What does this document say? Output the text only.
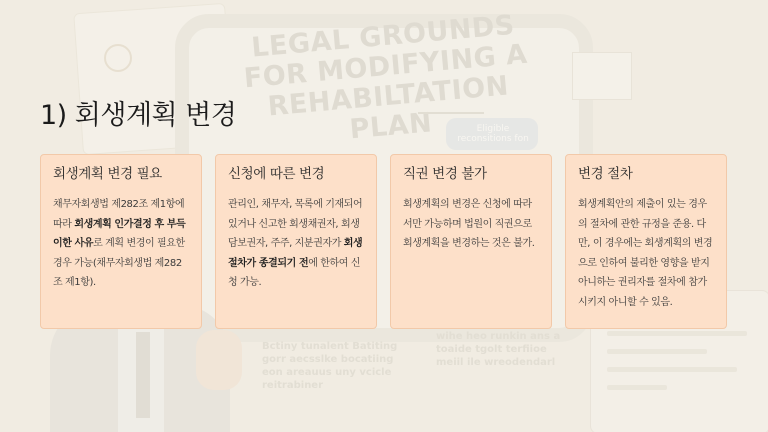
1) 회생계획 변경

회생계획 변경 필요

채무자회생법 제282조 제1항에 따라 회생계획 인가결정 후 부득이한 사유로 계획 변경이 필요한 경우 가능(채무자회생법 제282조 제1항).

신청에 따른 변경

관리인, 채무자, 목록에 기재되어 있거나 신고한 회생채권자, 회생담보권자, 주주, 지분권자가 회생절차가 종결되기 전에 한하여 신청 가능.

직권 변경 불가

회생계획의 변경은 신청에 따라서만 가능하며 법원이 직권으로 회생계획을 변경하는 것은 불가.

변경 절차

회생계획안의 제출이 있는 경우의 절차에 관한 규정을 준용. 다만, 이 경우에는 회생계획의 변경으로 인하여 불리한 영향을 받지 아니하는 권리자를 절차에 참가시키지 아니할 수 있음.
